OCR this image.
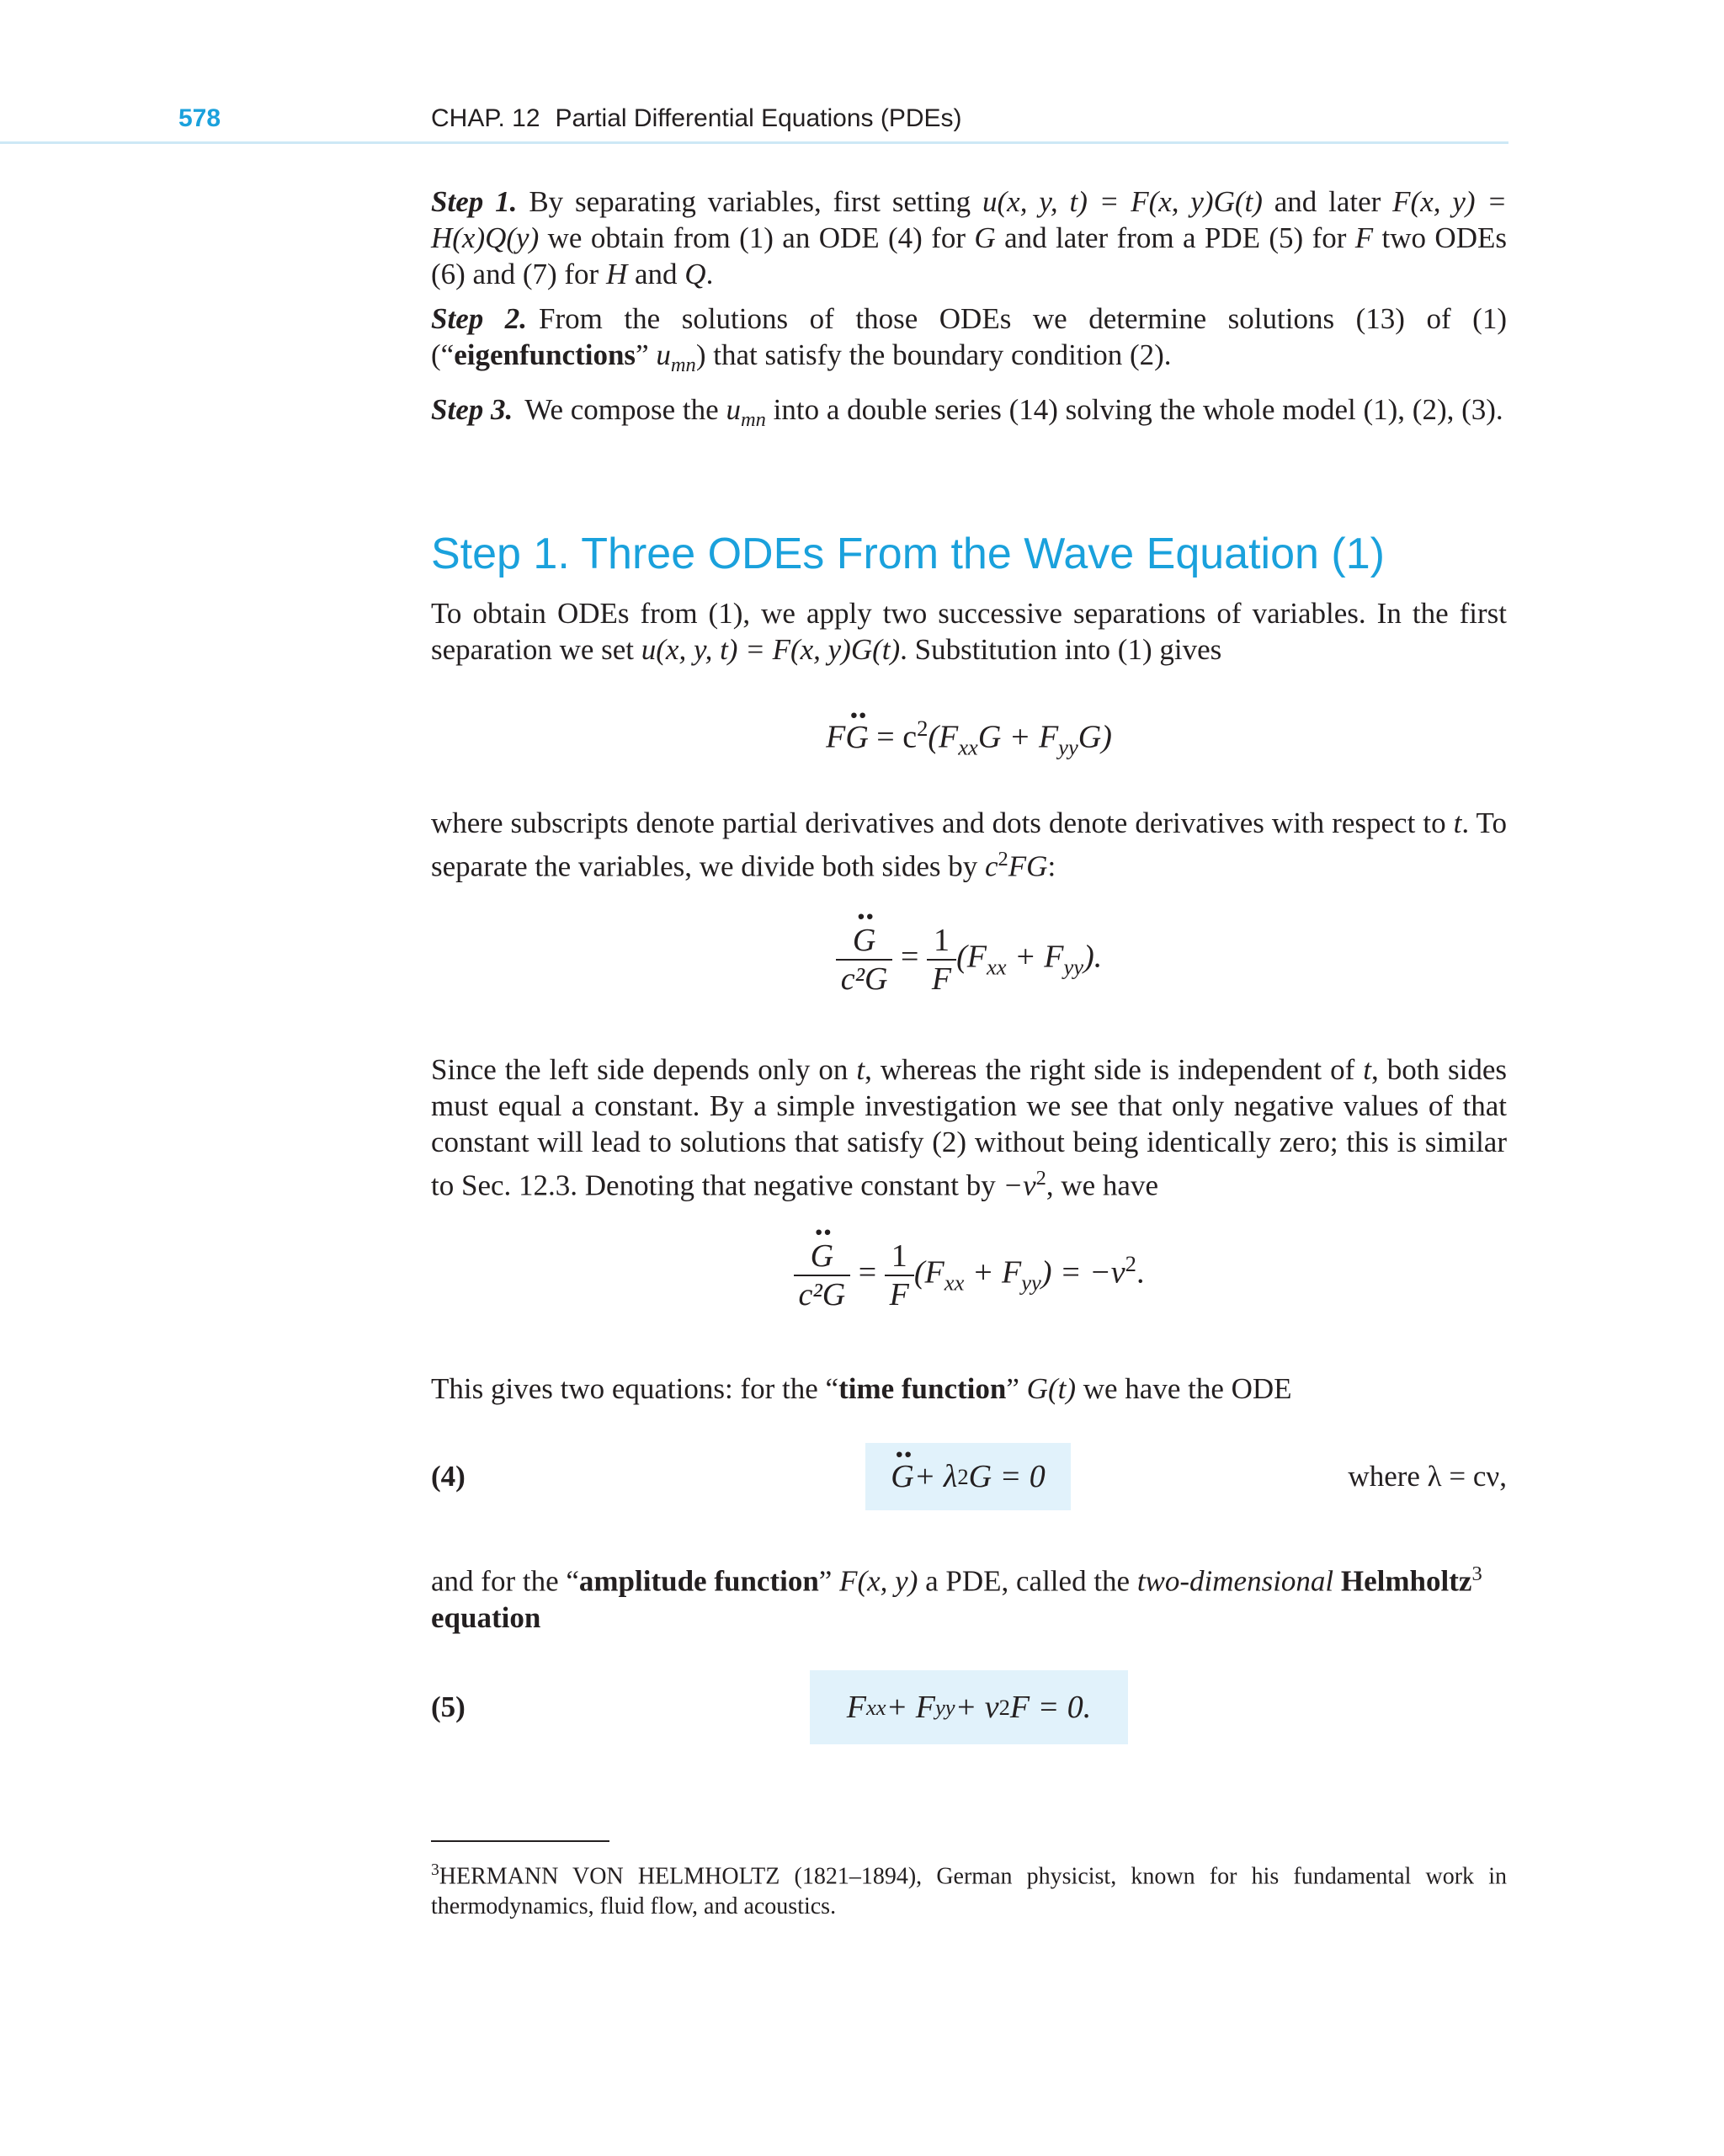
578	CHAP. 12 Partial Differential Equations (PDEs)

Step 1. By separating variables, first setting u(x, y, t) = F(x, y)G(t) and later F(x, y) = H(x)Q(y) we obtain from (1) an ODE (4) for G and later from a PDE (5) for F two ODEs (6) and (7) for H and Q.

Step 2. From the solutions of those ODEs we determine solutions (13) of (1) (“eigenfunctions” $u_{mn}$) that satisfy the boundary condition (2).

Step 3. We compose the $u_{mn}$ into a double series (14) solving the whole model (1), (2), (3).

Step 1. Three ODEs From the Wave Equation (1)

To obtain ODEs from (1), we apply two successive separations of variables. In the first separation we set u(x, y, t) = F(x, y)G(t). Substitution into (1) gives

$F\cdot\cdot G = c^2(F_{xx}G + F_{yy}G)$

where subscripts denote partial derivatives and dots denote derivatives with respect to t. To separate the variables, we divide both sides by $c^2FG$:

·· $\frac{G}{\text{c²G}} = \frac{1}{F} (F_{xx} + F_{yy})$.

Since the left side depends only on t, whereas the right side is independent of t, both sides must equal a constant. By a simple investigation we see that only negative values of that constant will lead to solutions that satisfy (2) without being identically zero; this is similar to Sec. 12.3. Denoting that negative constant by $-\nu^2$, we have

·· $\frac{G}{\text{c²G}} = \frac{1}{F} (F_{xx} + F_{yy}) = -\nu^2$.

This gives two equations: for the “time function” G(t) we have the ODE

(4)
··	G + λ 2 G = 0	where λ = cν,

and for the “amplitude function” F(x, y) a PDE, called the two-dimensional Helmholtz$^3$
equation

(5)	F xx + F yy + ν 2 F = 0.
$^3$HERMANN VON HELMHOLTZ (1821–1894), German physicist, known for his fundamental work in thermodynamics, fluid flow, and acoustics.
